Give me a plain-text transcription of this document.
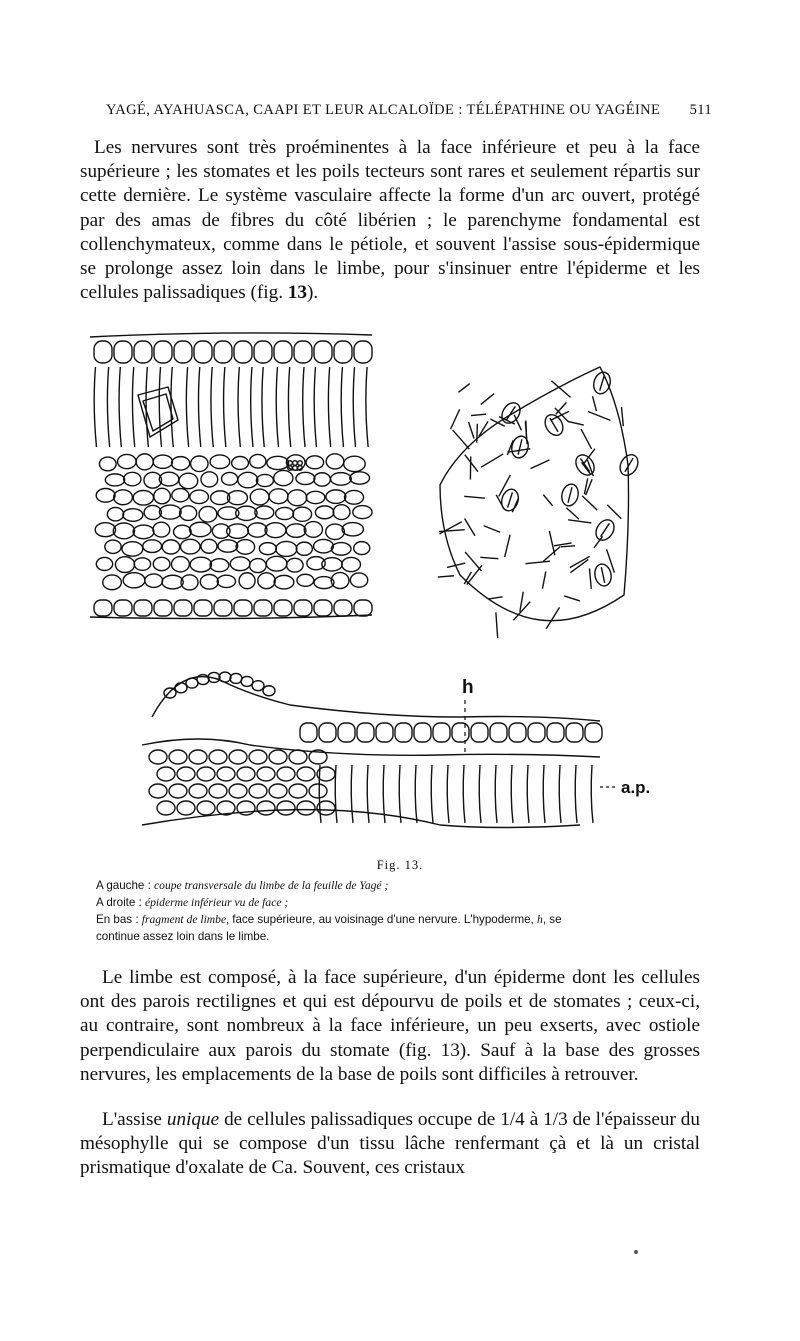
YAGÉ, AYAHUASCA, CAAPI ET LEUR ALCALOÏDE : TÉLÉPATHINE OU YAGÉINE 511

Les nervures sont très proéminentes à la face inférieure et peu à la face supérieure ; les stomates et les poils tecteurs sont rares et seulement répartis sur cette dernière. Le système vasculaire affecte la forme d'un arc ouvert, protégé par des amas de fibres du côté libérien ; le parenchyme fondamental est collenchymateux, comme dans le pétiole, et souvent l'assise sous-épidermique se prolonge assez loin dans le limbe, pour s'insinuer entre l'épiderme et les cellules palissadiques (fig. 13).

h
a.p.
Fig. 13.

A gauche : coupe transversale du limbe de la feuille de Yagé ;

A droite : épiderme inférieur vu de face ;

En bas : fragment de limbe, face supérieure, au voisinage d'une nervure. L'hypoderme, h, se

continue assez loin dans le limbe.

Le limbe est composé, à la face supérieure, d'un épiderme dont les cellules ont des parois rectilignes et qui est dépourvu de poils et de stomates ; ceux-ci, au contraire, sont nombreux à la face inférieure, un peu exserts, avec ostiole perpendiculaire aux parois du stomate (fig. 13). Sauf à la base des grosses nervures, les emplacements de la base de poils sont difficiles à retrouver.

L'assise unique de cellules palissadiques occupe de 1/4 à 1/3 de l'épaisseur du mésophylle qui se compose d'un tissu lâche renfermant çà et là un cristal prismatique d'oxalate de Ca. Souvent, ces cristaux
